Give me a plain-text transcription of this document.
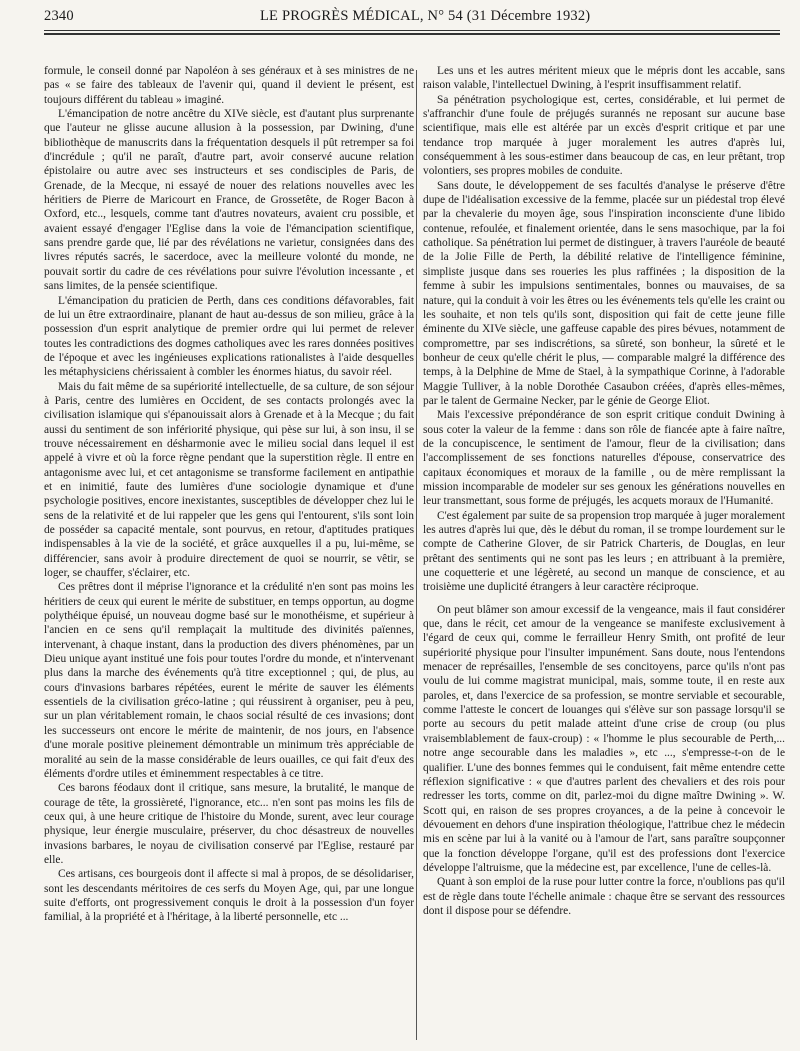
2340	LE PROGRÈS MÉDICAL, N° 54 (31 Décembre 1932)

formule, le conseil donné par Napoléon à ses généraux et à ses ministres de ne pas « se faire des tableaux de l'avenir qui, quand il devient le présent, est toujours différent du tableau » imaginé.

L'émancipation de notre ancêtre du XIVe siècle, est d'autant plus surprenante que l'auteur ne glisse aucune allusion à la possession, par Dwining, d'une bibliothèque de manuscrits dans la fréquentation desquels il pût retremper sa foi d'incrédule ; qu'il ne paraît, d'autre part, avoir conservé aucune relation épistolaire ou autre avec ses instructeurs et ses condisciples de Paris, de Grenade, de la Mecque, ni essayé de nouer des relations nouvelles avec les héritiers de Pierre de Maricourt en France, de Grossetête, de Roger Bacon à Oxford, etc.., lesquels, comme tant d'autres novateurs, avaient cru possible, et avaient essayé d'engager l'Eglise dans la voie de l'émancipation scientifique, sans prendre garde que, lié par des révélations ne varietur, consignées dans des livres réputés sacrés, le sacerdoce, avec la meilleure volonté du monde, ne pouvait sortir du cadre de ces révélations pour suivre l'évolution incessante , et sans limites, de la pensée scientifique.

L'émancipation du praticien de Perth, dans ces conditions défavorables, fait de lui un être extraordinaire, planant de haut au-dessus de son milieu, grâce à la possession d'un esprit analytique de premier ordre qui lui permet de relever toutes les contradictions des dogmes catholiques avec les rares données positives de l'époque et avec les ingénieuses explications rationalistes à l'aide desquelles les métaphysiciens chérissaient à combler les énormes hiatus, du savoir réel.

Mais du fait même de sa supériorité intellectuelle, de sa culture, de son séjour à Paris, centre des lumières en Occident, de ses contacts prolongés avec la civilisation islamique qui s'épanouissait alors à Grenade et à la Mecque ; du fait aussi du sentiment de son infériorité physique, qui pèse sur lui, à son insu, il se trouve nécessairement en désharmonie avec le milieu social dans lequel il est appelé à vivre et où la force règne pendant que la superstition règle. Il entre en antagonisme avec lui, et cet antagonisme se transforme facilement en antipathie et en inimitié, faute des lumières d'une sociologie dynamique et d'une psychologie positives, encore inexistantes, susceptibles de développer chez lui le sens de la relativité et de lui rappeler que les gens qui l'entourent, s'ils sont loin de posséder sa capacité mentale, sont pourvus, en retour, d'aptitudes pratiques indispensables à la vie de la société, et grâce auxquelles il a pu, lui-même, se différencier, sans avoir à produire directement de quoi se nourrir, se vêtir, se loger, se chauffer, s'éclairer, etc.

Ces prêtres dont il méprise l'ignorance et la crédulité n'en sont pas moins les héritiers de ceux qui eurent le mérite de substituer, en temps opportun, au dogme polythéique épuisé, un nouveau dogme basé sur le monothéisme, et supérieur à l'ancien en ce sens qu'il remplaçait la multitude des divinités païennes, intervenant, à chaque instant, dans la production des divers phénomènes, par un Dieu unique ayant institué une fois pour toutes l'ordre du monde, et n'intervenant plus dans la marche des événements qu'à titre exceptionnel ; qui, de plus, au cours d'invasions barbares répétées, eurent le mérite de sauver les éléments essentiels de la civilisation gréco-latine ; qui réussirent à organiser, peu à peu, sur un plan véritablement romain, le chaos social résulté de ces invasions; dont les successeurs ont encore le mérite de maintenir, de nos jours, en l'absence d'une morale positive pleinement démontrable un minimum très appréciable de moralité au sein de la masse considérable de leurs ouailles, ce qui fait d'eux des éléments d'ordre utiles et éminemment respectables à ce titre.

Ces barons féodaux dont il critique, sans mesure, la brutalité, le manque de courage de tête, la grossièreté, l'ignorance, etc... n'en sont pas moins les fils de ceux qui, à une heure critique de l'histoire du Monde, surent, avec leur courage physique, leur énergie musculaire, préserver, du choc désastreux de nouvelles invasions barbares, le noyau de civilisation conservé par l'Eglise, restauré par elle.

Ces artisans, ces bourgeois dont il affecte si mal à propos, de se désolidariser, sont les descendants méritoires de ces serfs du Moyen Age, qui, par une longue suite d'efforts, ont progressivement conquis le droit à la possession d'un foyer familial, à la propriété et à l'héritage, à la liberté personnelle, etc ...

Les uns et les autres méritent mieux que le mépris dont les accable, sans raison valable, l'intellectuel Dwining, à l'esprit insuffisamment relatif.

Sa pénétration psychologique est, certes, considérable, et lui permet de s'affranchir d'une foule de préjugés surannés ne reposant sur aucune base scientifique, mais elle est altérée par un excès d'esprit critique et par une tendance trop marquée à juger moralement les autres d'après lui, conséquemment à les sous-estimer dans beaucoup de cas, en leur prêtant, trop volontiers, ses propres mobiles de conduite.

Sans doute, le développement de ses facultés d'analyse le préserve d'être dupe de l'idéalisation excessive de la femme, placée sur un piédestal trop élevé par la chevalerie du moyen âge, sous l'inspiration inconsciente d'une libido contenue, refoulée, et finalement orientée, dans le sens masochique, par la foi catholique. Sa pénétration lui permet de distinguer, à travers l'auréole de beauté de la Jolie Fille de Perth, la débilité relative de l'intelligence féminine, simpliste jusque dans ses roueries les plus raffinées ; la disposition de la femme à subir les impulsions sentimentales, bonnes ou mauvaises, de sa nature, qui la conduit à voir les êtres ou les événements tels qu'elle les craint ou les souhaite, et non tels qu'ils sont, disposition qui fait de cette jeune fille éminente du XIVe siècle, une gaffeuse capable des pires bévues, notamment de compromettre, par ses indiscrétions, sa sûreté, son bonheur, la sûreté et le bonheur de ceux qu'elle chérit le plus, — comparable malgré la différence des temps, à la Delphine de Mme de Stael, à la sympathique Corinne, à l'adorable Maggie Tulliver, à la noble Dorothée Casaubon créées, d'après elles-mêmes, par le talent de Germaine Necker, par le génie de George Eliot.

Mais l'excessive prépondérance de son esprit critique conduit Dwining à sous coter la valeur de la femme : dans son rôle de fiancée apte à faire naître, de la concupiscence, le sentiment de l'amour, fleur de la civilisation; dans l'accomplissement de ses fonctions naturelles d'épouse, conservatrice des capitaux économiques et moraux de la famille , ou de mère remplissant la mission incomparable de modeler sur ses genoux les générations nouvelles en leur transmettant, sous forme de préjugés, les acquets moraux de l'Humanité.

C'est également par suite de sa propension trop marquée à juger moralement les autres d'après lui que, dès le début du roman, il se trompe lourdement sur le compte de Catherine Glover, de sir Patrick Charteris, de Douglas, en leur prêtant des sentiments qui ne sont pas les leurs ; en attribuant à la première, une coquetterie et une légèreté, au second un manque de conscience, et au troisième une duplicité étrangers à leur caractère réciproque.

On peut blâmer son amour excessif de la vengeance, mais il faut considérer que, dans le récit, cet amour de la vengeance se manifeste exclusivement à l'égard de ceux qui, comme le ferrailleur Henry Smith, ont profité de leur supériorité physique pour l'insulter impunément. Sans doute, nous l'entendons menacer de représailles, l'ensemble de ses concitoyens, parce qu'ils n'ont pas voulu de lui comme magistrat municipal, mais, somme toute, il en reste aux paroles, et, dans l'exercice de sa profession, se montre serviable et secourable, comme l'atteste le concert de louanges qui s'élève sur son passage lorsqu'il se porte au secours du petit malade atteint d'une crise de croup (ou plus vraisemblablement de faux-croup) : « l'homme le plus secourable de Perth,... notre ange secourable dans les maladies », etc ..., s'empresse-t-on de le qualifier. L'une des bonnes femmes qui le conduisent, fait même entendre cette réflexion significative : « que d'autres parlent des chevaliers et des rois pour redresser les torts, comme on dit, parlez-moi du digne maître Dwining ». W. Scott qui, en raison de ses propres croyances, a de la peine à concevoir le dévouement en dehors d'une inspiration théologique, l'attribue chez le médecin mis en scène par lui à la vanité ou à l'amour de l'art, sans paraître soupçonner que la fonction développe l'organe, qu'il est des professions dont l'exercice développe l'altruisme, que la médecine est, par excellence, l'une de celles-là.

Quant à son emploi de la ruse pour lutter contre la force, n'oublions pas qu'il est de règle dans toute l'échelle animale : chaque être se servant des ressources dont il dispose pour se défendre.
